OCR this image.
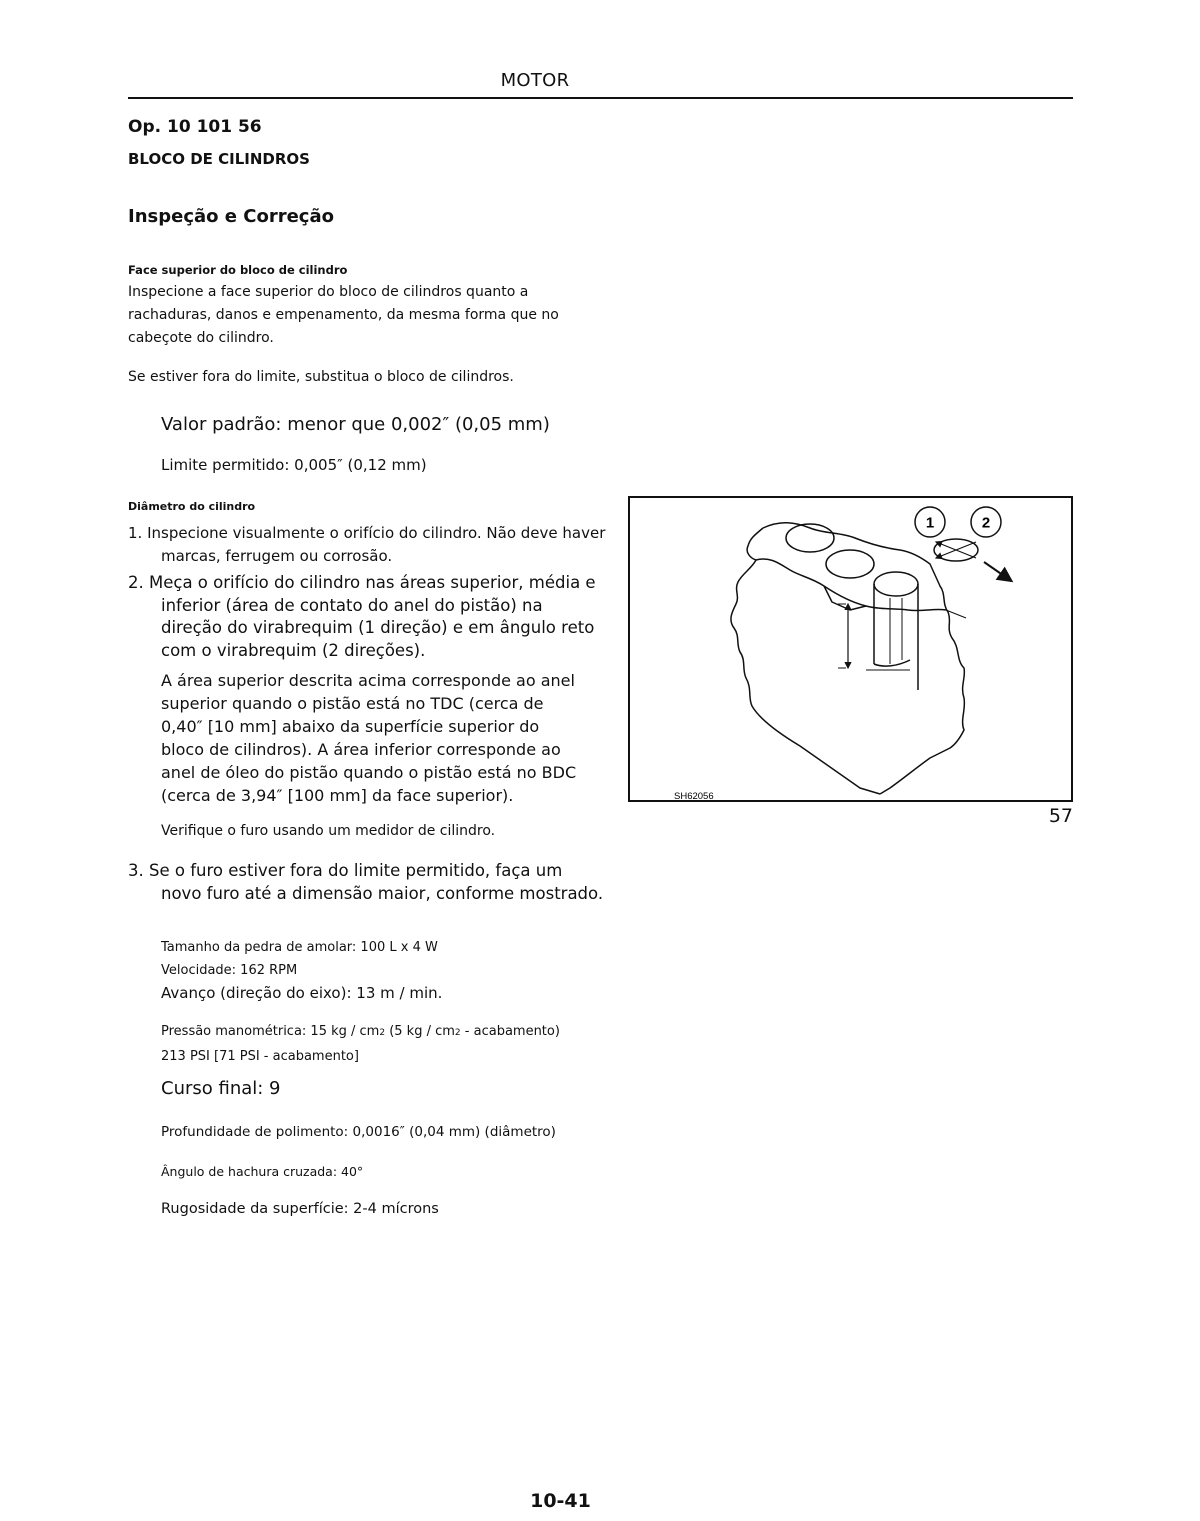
MOTOR
Op. 10 101 56
BLOCO DE CILINDROS
Inspeção e Correção
Face superior do bloco de cilindro
Inspecione a face superior do bloco de cilindros quanto a rachaduras, danos e empenamento, da mesma forma que no cabeçote do cilindro.
Se estiver fora do limite, substitua o bloco de cilindros.
Valor padrão: menor que 0,002″ (0,05 mm)
Limite permitido: 0,005″ (0,12 mm)
Diâmetro do cilindro
1. Inspecione visualmente o orifício do cilindro. Não deve haver marcas, ferrugem ou corrosão.
2. Meça o orifício do cilindro nas áreas superior, média e inferior (área de contato do anel do pistão) na direção do virabrequim (1 direção) e em ângulo reto com o virabrequim (2 direções).
A área superior descrita acima corresponde ao anel superior quando o pistão está no TDC (cerca de 0,40″ [10 mm] abaixo da superfície superior do bloco de cilindros). A área inferior corresponde ao anel de óleo do pistão quando o pistão está no BDC (cerca de 3,94″ [100 mm] da face superior).
Verifique o furo usando um medidor de cilindro.
3. Se o furo estiver fora do limite permitido, faça um novo furo até a dimensão maior, conforme mostrado.
Tamanho da pedra de amolar: 100 L x 4 W
Velocidade: 162 RPM
Avanço (direção do eixo): 13 m / min.
Pressão manométrica: 15 kg / cm2 (5 kg / cm2 - acabamento)
213 PSI [71 PSI - acabamento]
Curso final: 9
Profundidade de polimento: 0,0016″ (0,04 mm) (diâmetro)
Ângulo de hachura cruzada: 40°
Rugosidade da superfície: 2-4 mícrons
1	2
SH62056
57
10-41
